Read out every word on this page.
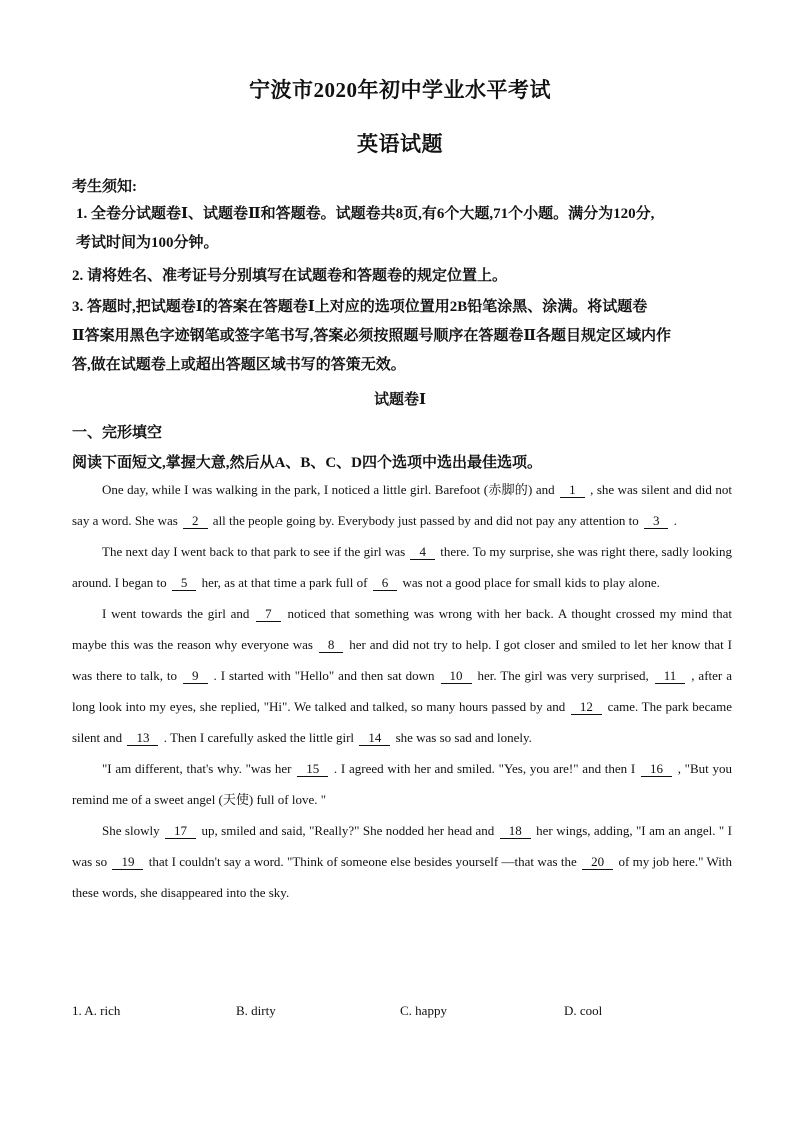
宁波市2020年初中学业水平考试
英语试题
考生须知:
1. 全卷分试题卷Ⅰ、试题卷Ⅱ和答题卷。试题卷共8页,有6个大题,71个小题。满分为120分,
考试时间为100分钟。
2. 请将姓名、准考证号分别填写在试题卷和答题卷的规定位置上。
3. 答题时,把试题卷Ⅰ的答案在答题卷Ⅰ上对应的选项位置用2B铅笔涂黑、涂满。将试题卷
Ⅱ答案用黑色字迹钢笔或签字笔书写,答案必须按照题号顺序在答题卷Ⅱ各题目规定区域内作
答,做在试题卷上或超出答题区域书写的答策无效。
试题卷Ⅰ
一、完形填空
阅读下面短文,掌握大意,然后从A、B、C、D四个选项中选出最佳选项。

One day, while I was walking in the park, I noticed a little girl. Barefoot (赤脚的) and 1 , she was silent and did not say a word. She was 2 all the people going by. Everybody just passed by and did not pay any attention to 3 .

The next day I went back to that park to see if the girl was 4 there. To my surprise, she was right there, sadly looking around. I began to 5 her, as at that time a park full of 6 was not a good place for small kids to play alone.

I went towards the girl and 7 noticed that something was wrong with her back. A thought crossed my mind that maybe this was the reason why everyone was 8 her and did not try to help. I got closer and smiled to let her know that I was there to talk, to 9 . I started with "Hello" and then sat down 10 her. The girl was very surprised, 11 , after a long look into my eyes, she replied, "Hi". We talked and talked, so many hours passed by and 12 came. The park became silent and 13 . Then I carefully asked the little girl 14 she was so sad and lonely.

"I am different, that's why. "was her 15 . I agreed with her and smiled. "Yes, you are!" and then I 16 , "But you remind me of a sweet angel (天使) full of love. "

She slowly 17 up, smiled and said, "Really?" She nodded her head and 18 her wings, adding, "I am an angel. " I was so 19 that I couldn't say a word. "Think of someone else besides yourself —that was the 20 of my job here." With these words, she disappeared into the sky.

1. A. rich	B. dirty	C. happy	D. cool
